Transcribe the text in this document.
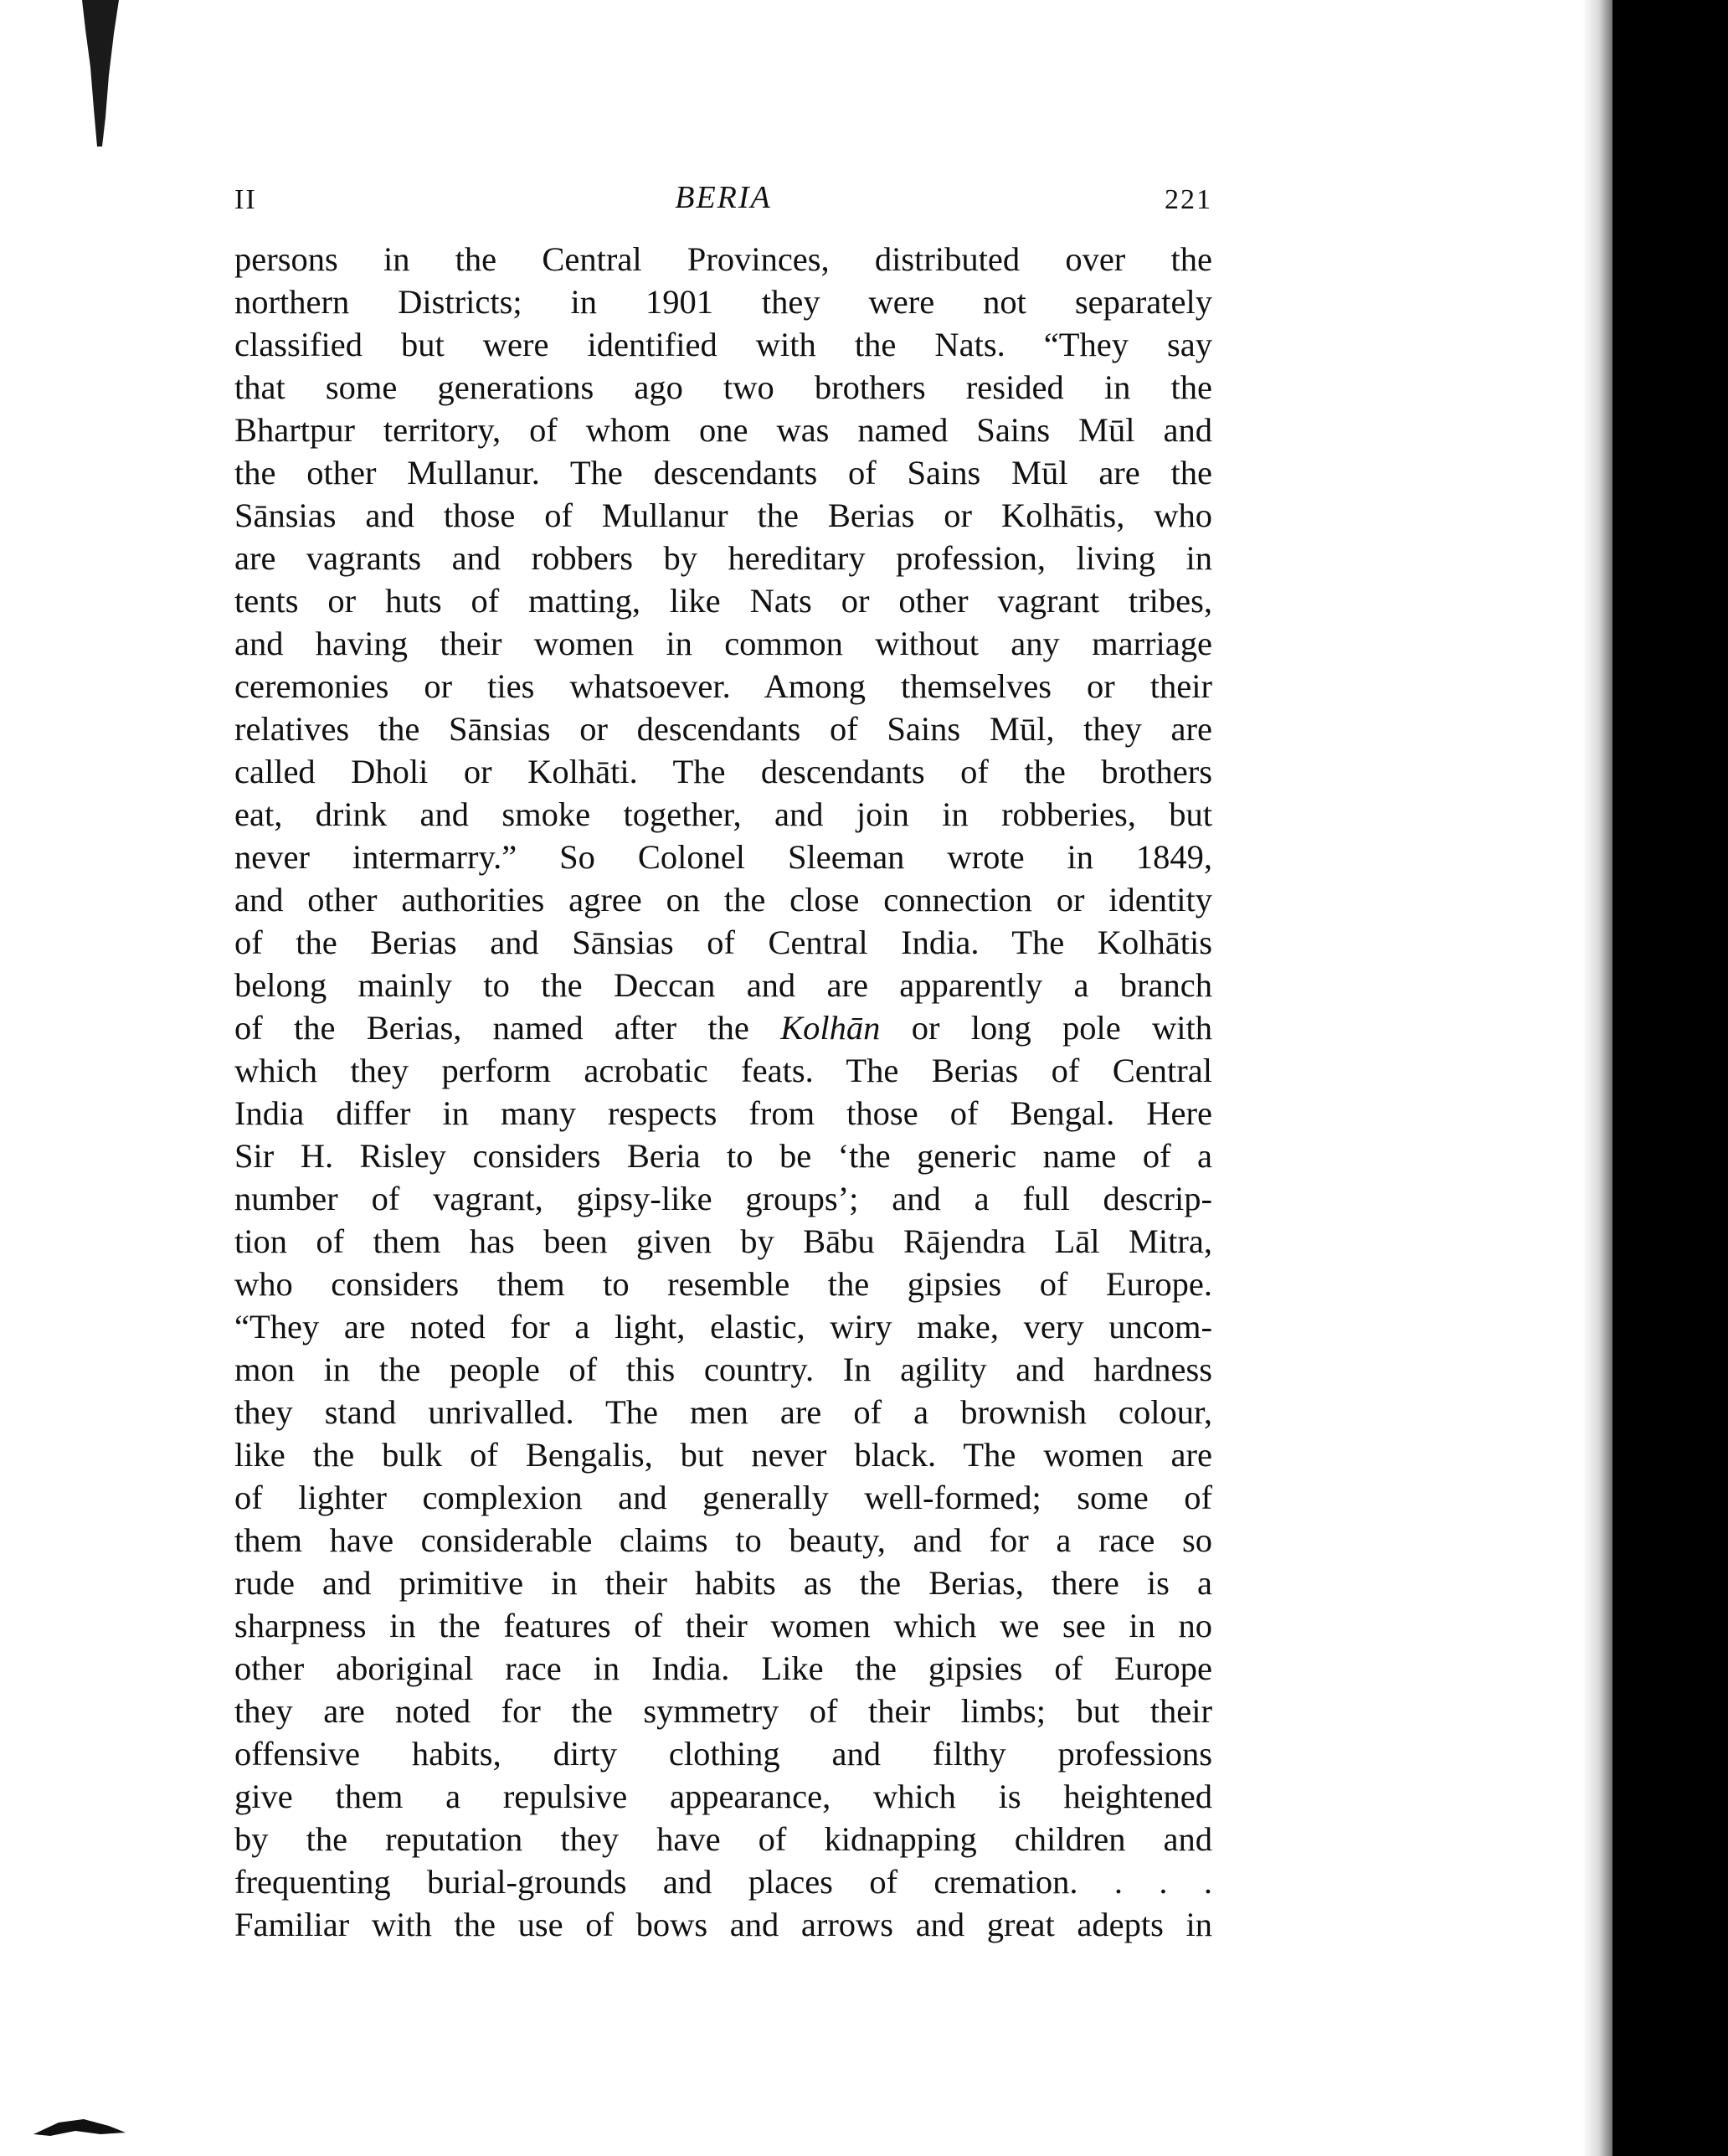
II	BERIA	221
persons in the Central Provinces, distributed over the
northern Districts; in 1901 they were not separately
classified but were identified with the Nats. “They say
that some generations ago two brothers resided in the
Bhartpur territory, of whom one was named Sains Mūl and
the other Mullanur. The descendants of Sains Mūl are the
Sānsias and those of Mullanur the Berias or Kolhātis, who
are vagrants and robbers by hereditary profession, living in
tents or huts of matting, like Nats or other vagrant tribes,
and having their women in common without any marriage
ceremonies or ties whatsoever. Among themselves or their
relatives the Sānsias or descendants of Sains Mūl, they are
called Dholi or Kolhāti. The descendants of the brothers
eat, drink and smoke together, and join in robberies, but
never intermarry.” So Colonel Sleeman wrote in 1849,
and other authorities agree on the close connection or identity
of the Berias and Sānsias of Central India. The Kolhātis
belong mainly to the Deccan and are apparently a branch
of the Berias, named after the Kolhān or long pole with
which they perform acrobatic feats. The Berias of Central
India differ in many respects from those of Bengal. Here
Sir H. Risley considers Beria to be ‘the generic name of a
number of vagrant, gipsy-like groups’; and a full descrip-
tion of them has been given by Bābu Rājendra Lāl Mitra,
who considers them to resemble the gipsies of Europe.
“They are noted for a light, elastic, wiry make, very uncom-
mon in the people of this country. In agility and hardness
they stand unrivalled. The men are of a brownish colour,
like the bulk of Bengalis, but never black. The women are
of lighter complexion and generally well-formed; some of
them have considerable claims to beauty, and for a race so
rude and primitive in their habits as the Berias, there is a
sharpness in the features of their women which we see in no
other aboriginal race in India. Like the gipsies of Europe
they are noted for the symmetry of their limbs; but their
offensive habits, dirty clothing and filthy professions
give them a repulsive appearance, which is heightened
by the reputation they have of kidnapping children and
frequenting burial-grounds and places of cremation. . . .
Familiar with the use of bows and arrows and great adepts in
